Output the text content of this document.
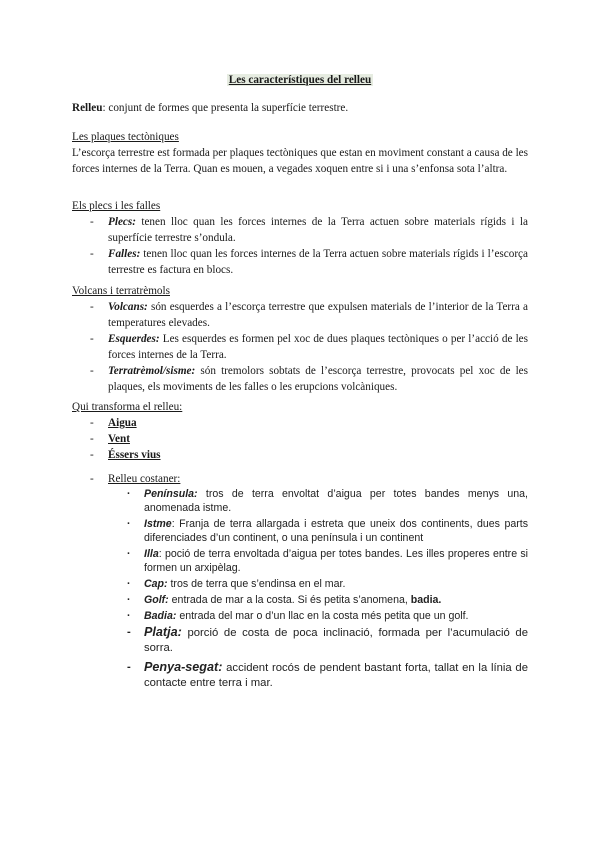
Les característiques del relleu
Relleu: conjunt de formes que presenta la superfície terrestre.
Les plaques tectòniques
L’escorça terrestre est formada per plaques tectòniques que estan en moviment constant a causa de les forces internes de la Terra. Quan es mouen, a vegades xoquen entre si i una s’enfonsa sota l’altra.
Els plecs i les falles
- Plecs: tenen lloc quan les forces internes de la Terra actuen sobre materials rígids i la superfície terrestre s’ondula.
- Falles: tenen lloc quan les forces internes de la Terra actuen sobre materials rígids i l’escorça terrestre es factura en blocs.
Volcans i terratrèmols
- Volcans: són esquerdes a l’escorça terrestre que expulsen materials de l’interior de la Terra a temperatures elevades.
- Esquerdes: Les esquerdes es formen pel xoc de dues plaques tectòniques o per l’acció de les forces internes de la Terra.
- Terratrèmol/sisme: són tremolors sobtats de l’escorça terrestre, provocats pel xoc de les plaques, els moviments de les falles o les erupcions volcàniques.
Qui transforma el relleu:
- Aigua
- Vent
- Éssers vius
- Relleu costaner:
· Península: tros de terra envoltat d’aigua per totes bandes menys una, anomenada istme.
· Istme: Franja de terra allargada i estreta que uneix dos continents, dues parts diferenciades d’un continent, o una península i un continent
· Illa: poció de terra envoltada d’aigua per totes bandes. Les illes properes entre si formen un arxipèlag.
· Cap: tros de terra que s’endinsa en el mar.
· Golf: entrada de mar a la costa. Si és petita s’anomena, badia.
· Badia: entrada del mar o d’un llac en la costa més petita que un golf.
- Platja: porció de costa de poca inclinació, formada per l’acumulació de sorra.
- Penya-segat: accident rocós de pendent bastant forta, tallat en la línia de contacte entre terra i mar.
